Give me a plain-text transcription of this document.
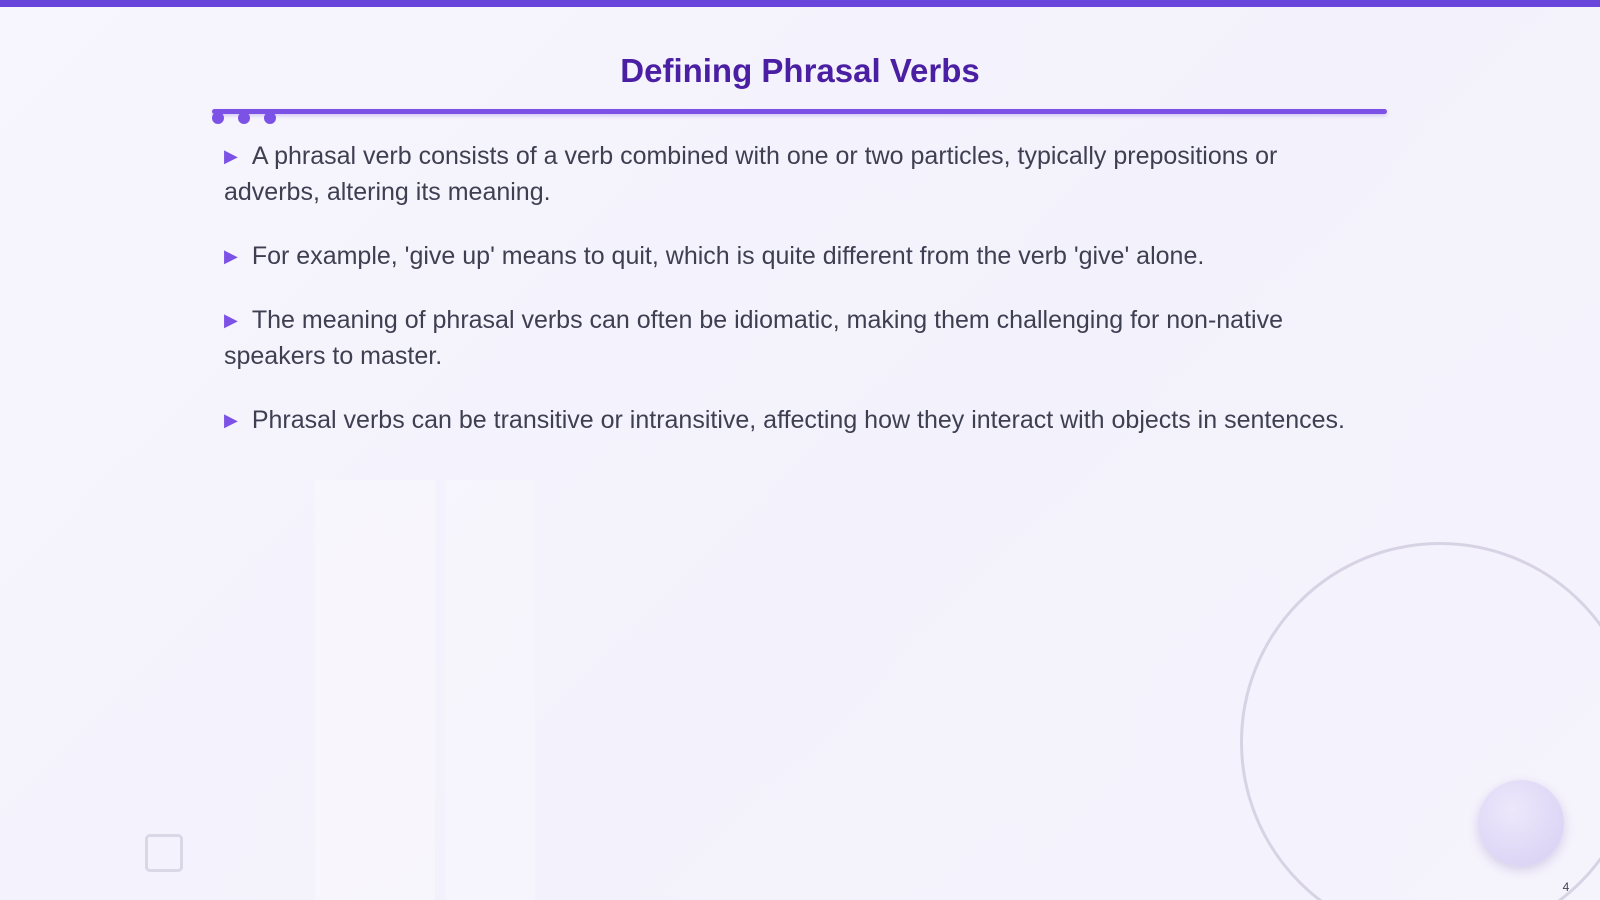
Defining Phrasal Verbs
▶ A phrasal verb consists of a verb combined with one or two particles, typically prepositions or adverbs, altering its meaning.
▶ For example, 'give up' means to quit, which is quite different from the verb 'give' alone.
▶ The meaning of phrasal verbs can often be idiomatic, making them challenging for non-native speakers to master.
▶ Phrasal verbs can be transitive or intransitive, affecting how they interact with objects in sentences.
4
